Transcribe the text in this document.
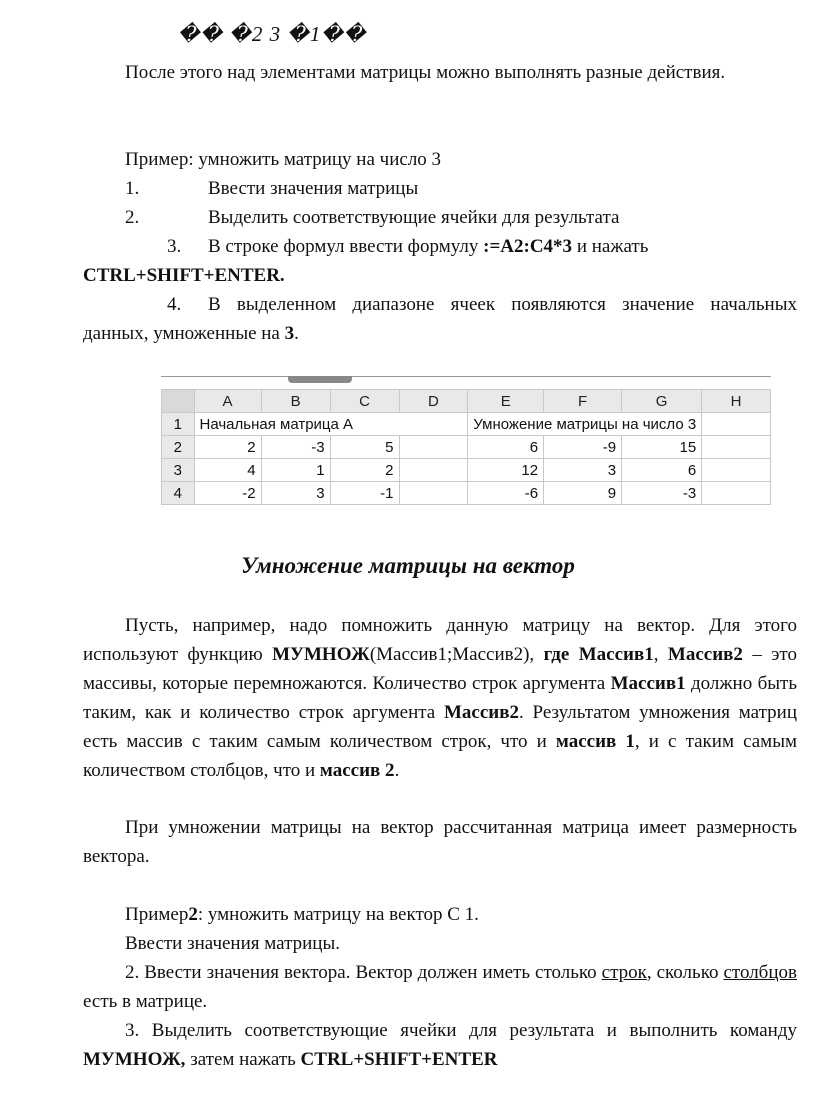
�� �2 3 �1��
После этого над элементами матрицы можно выполнять разные действия.
Пример: умножить матрицу на число 3
1.	Ввести значения матрицы
2.	Выделить соответствующие ячейки для результата
3. В строке формул ввести формулу :=А2:С4*3 и нажать
CTRL+SHIFT+ENTER.
4. В выделенном диапазоне ячеек появляются значение начальных данных, умноженные на 3.
	A	B	C	D	E	F	G	H
1	Начальная матрица А				Умножение матрицы на число 3			
2	2	-3	5		6	-9	15	
3	4	1	2		12	3	6	
4	-2	3	-1		-6	9	-3	
Умножение матрицы на вектор
Пусть, например, надо помножить данную матрицу на вектор. Для этого используют функцию МУМНОЖ(Массив1;Массив2), где Массив1, Массив2 – это массивы, которые перемножаются. Количество строк аргумента Массив1 должно быть таким, как и количество строк аргумента Массив2. Результатом умножения матриц есть массив с таким самым количеством строк, что и массив 1, и с таким самым количеством столбцов, что и массив 2.
При умножении матрицы на вектор рассчитанная матрица имеет размерность вектора.
Пример2: умножить матрицу на вектор С 1.
Ввести значения матрицы.
2. Ввести значения вектора. Вектор должен иметь столько строк, сколько столбцов есть в матрице.
3. Выделить соответствующие ячейки для результата и выполнить команду МУМНОЖ, затем нажать CTRL+SHIFT+ENTER
